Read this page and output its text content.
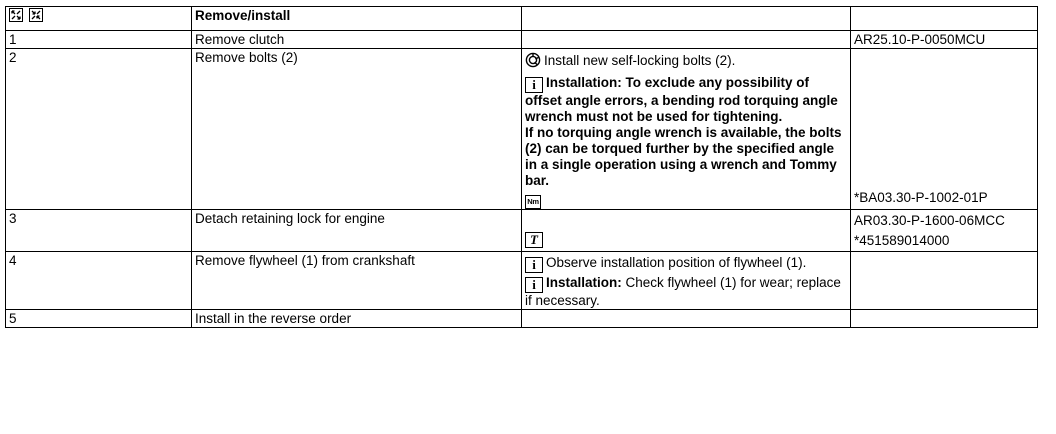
	Remove/install		
1	Remove clutch		AR25.10-P-0050MCU
2	Remove bolts (2)	Install new self-locking bolts (2).

i Installation: To exclude any possibility of offset angle errors, a bending rod torquing angle wrench must not be used for tightening.

If no torquing angle wrench is available, the bolts (2) can be torqued further by the specified angle in a single operation using a wrench and Tommy bar.

Nm	*BA03.30-P-1002-01P
3	Detach retaining lock for engine	T	AR03.30-P-1600-06MCC
*451589014000

4	Remove flywheel (1) from crankshaft	i Observe installation position of flywheel (1).

i Installation: Check flywheel (1) for wear; replace if necessary.	

5	Install in the reverse order		
